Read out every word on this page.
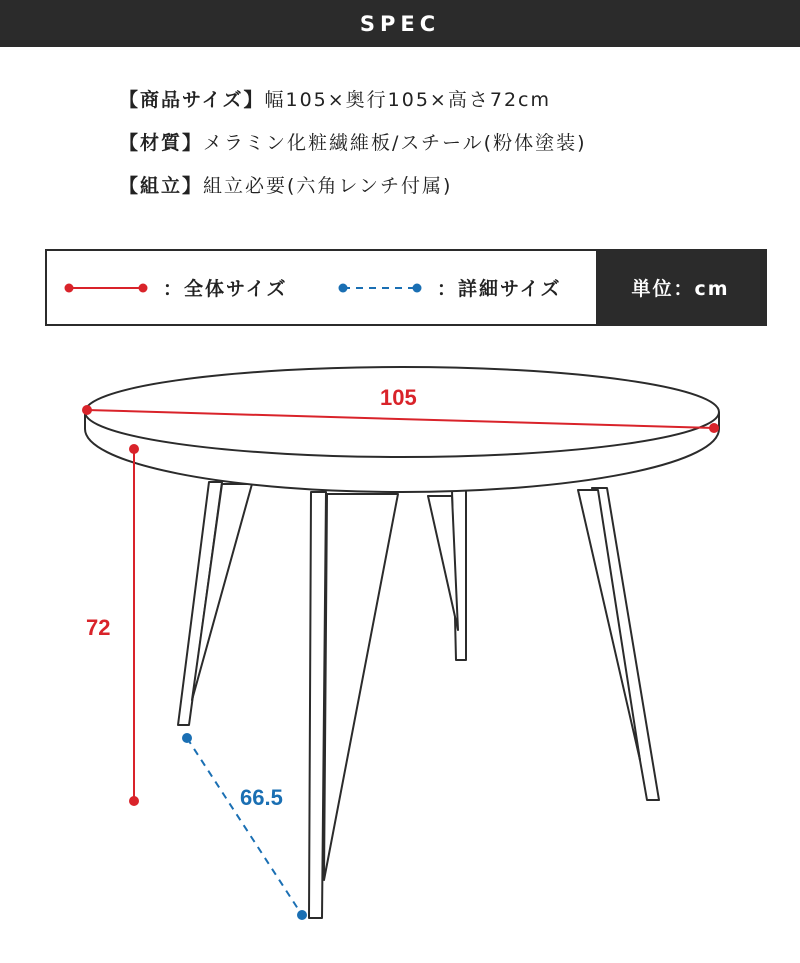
SPEC
【商品サイズ】幅105×奥行105×高さ72cm
【材質】メラミン化粧繊維板/スチール(粉体塗装)
【組立】組立必要(六角レンチ付属)
：全体サイズ	：詳細サイズ	単位：cm
105
72
66.5
